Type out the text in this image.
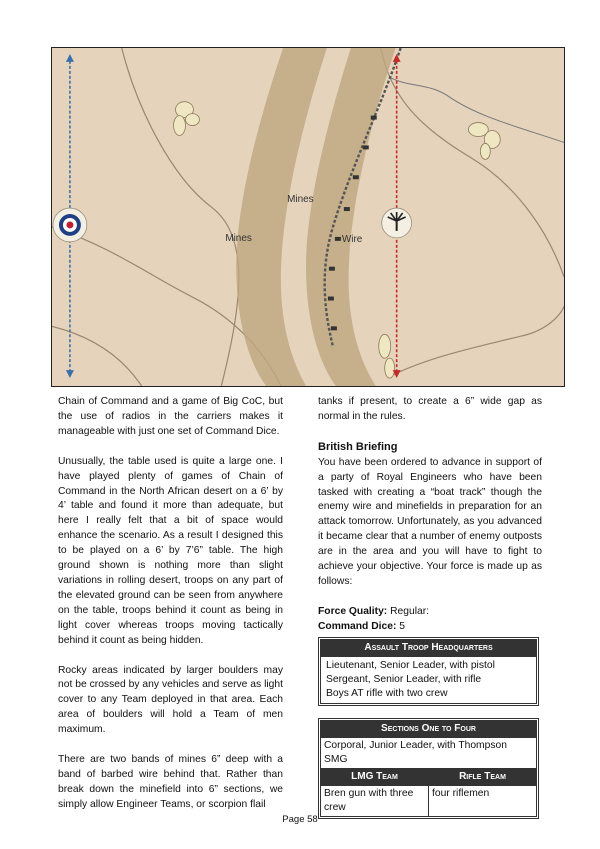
Mines
Mines	Wire

Chain of Command and a game of Big CoC, but the use of radios in the carriers makes it manageable with just one set of Command Dice.

Unusually, the table used is quite a large one. I have played plenty of games of Chain of Command in the North African desert on a 6’ by 4’ table and found it more than adequate, but here I really felt that a bit of space would enhance the scenario. As a result I designed this to be played on a 6’ by 7’6” table. The high ground shown is nothing more than slight variations in rolling desert, troops on any part of the elevated ground can be seen from anywhere on the table, troops behind it count as being in light cover whereas troops moving tactically behind it count as being hidden.

Rocky areas indicated by larger boulders may not be crossed by any vehicles and serve as light cover to any Team deployed in that area. Each area of boulders will hold a Team of men maximum.

There are two bands of mines 6” deep with a band of barbed wire behind that. Rather than break down the minefield into 6” sections, we simply allow Engineer Teams, or scorpion flail

tanks if present, to create a 6” wide gap as normal in the rules.

British Briefing

You have been ordered to advance in support of a party of Royal Engineers who have been tasked with creating a “boat track” though the enemy wire and minefields in preparation for an attack tomorrow. Unfortunately, as you advanced it became clear that a number of enemy outposts are in the area and you will have to fight to achieve your objective. Your force is made up as follows:

Force Quality: Regular:
Command Dice: 5
Assault Troop Headquarters

Lieutenant, Senior Leader, with pistol
Sergeant, Senior Leader, with rifle
Boys AT rifle with two crew
Sections One to Four	
Corporal, Junior Leader, with Thompson SMG	
LMG Team	Rifle Team
Bren gun with three crew	four riflemen
Page 58
